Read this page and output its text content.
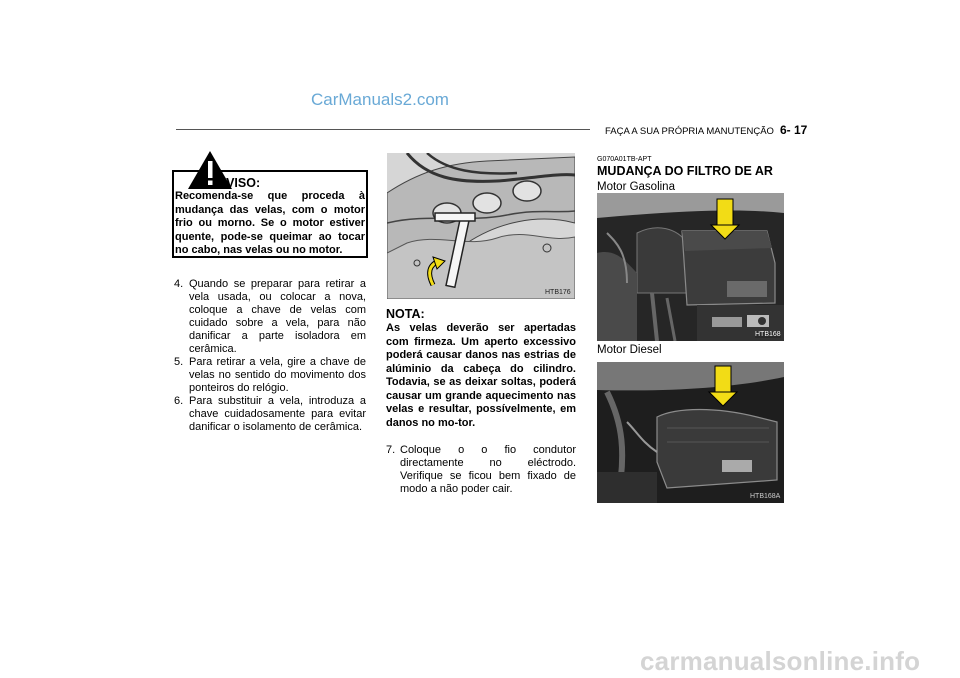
CarManuals2.com
FAÇA A SUA PRÓPRIA MANUTENÇÃO 6- 17
AVISO:
Recomenda-se que proceda à mudança das velas, com o motor frio ou morno. Se o motor estiver quente, pode-se queimar ao tocar no cabo, nas velas ou no motor.
4. Quando se preparar para retirar a vela usada, ou colocar a nova, coloque a chave de velas com cuidado sobre a vela, para não danificar a parte isoladora em cerâmica.
5. Para retirar a vela, gire a chave de velas no sentido do movimento dos ponteiros do relógio.
6. Para substituir a vela, introduza a chave cuidadosamente para evitar danificar o isolamento de cerâmica.
HTB176
NOTA:
As velas deverão ser apertadas com firmeza. Um aperto excessivo poderá causar danos nas estrias de alúminio da cabeça do cilindro. Todavia, se as deixar soltas, poderá causar um grande aquecimento nas velas e resultar, possívelmente, em danos no mo-tor.
7. Coloque o o fio condutor directamente no eléctrodo. Verifique se ficou bem fixado de modo a não poder cair.
G070A01TB-APT
MUDANÇA DO FILTRO DE AR
Motor Gasolina
HTB168
Motor Diesel
HTB168A
carmanualsonline.info
